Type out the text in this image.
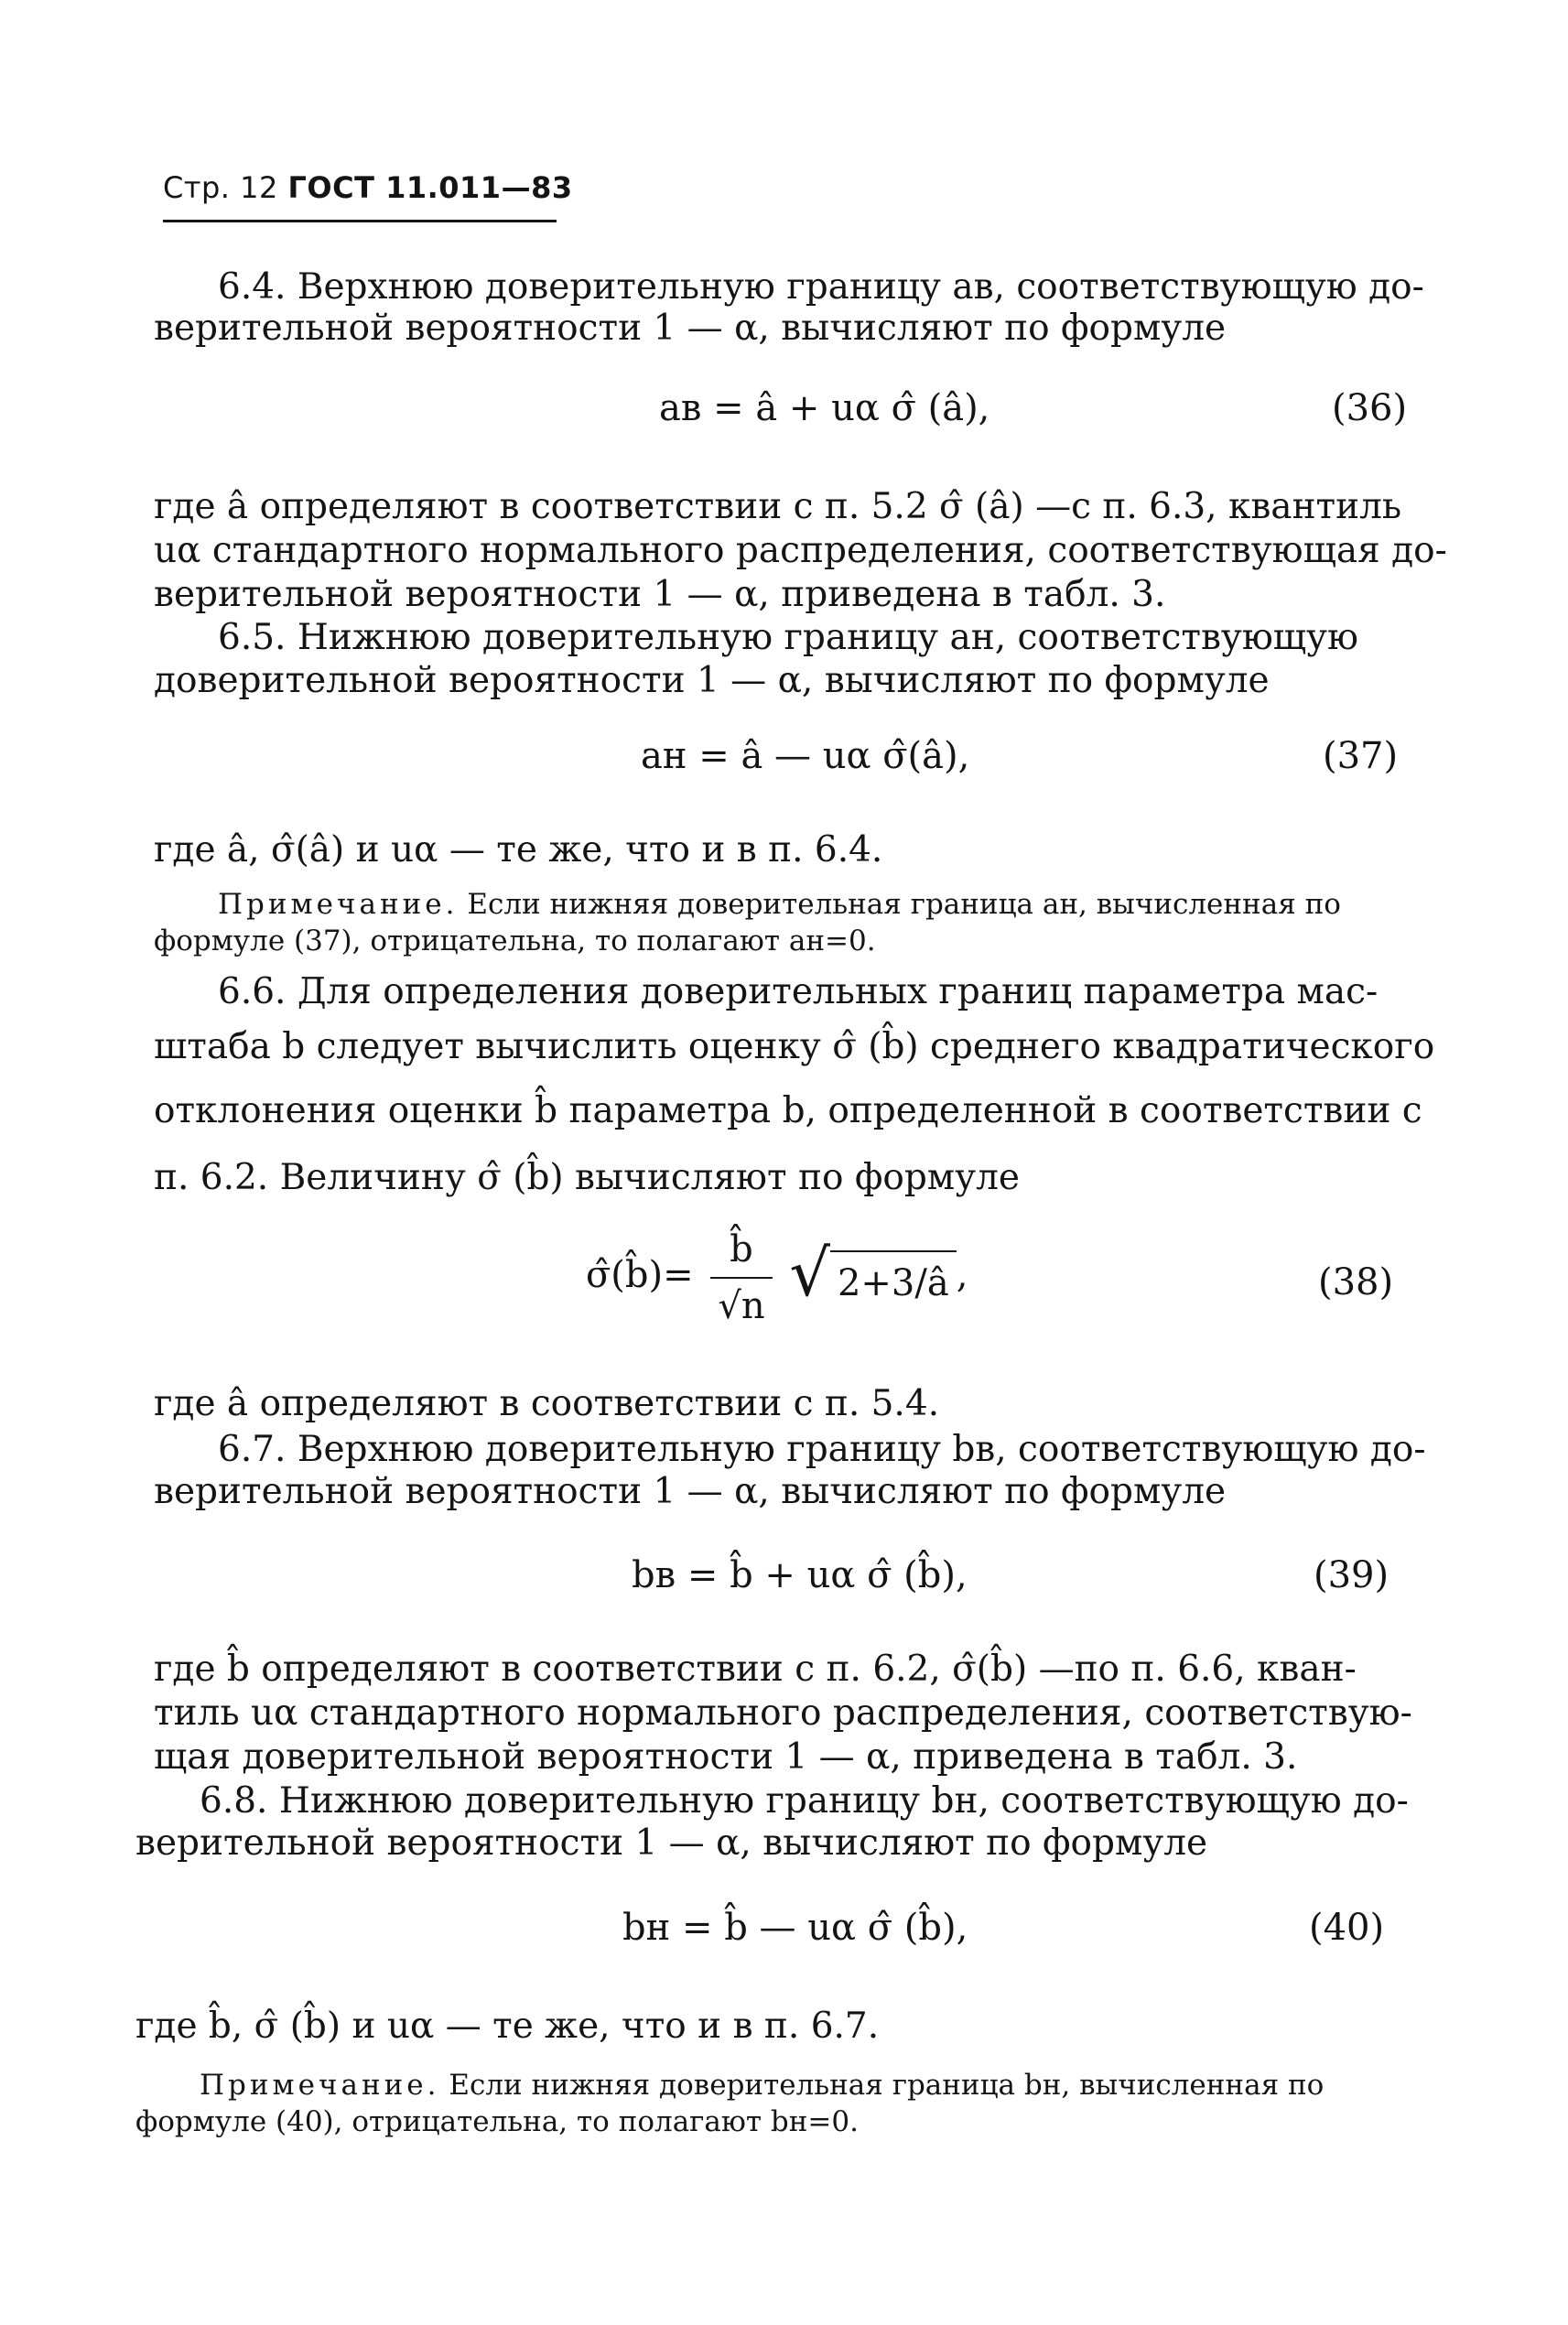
Стр. 12 ГОСТ 11.011—83
6.4. Верхнюю доверительную границу aв, соответствующую до-
верительной вероятности 1 — α, вычисляют по формуле
aв = â + uα σ̂ (â),	(36)
где â определяют в соответствии с п. 5.2 σ̂ (â) —с п. 6.3, квантиль
uα стандартного нормального распределения, соответствующая до-
верительной вероятности 1 — α, приведена в табл. 3.
6.5. Нижнюю доверительную границу aн, соответствующую
доверительной вероятности 1 — α, вычисляют по формуле
aн = â — uα σ̂(â),	(37)
где â, σ̂(â) и uα — те же, что и в п. 6.4.
Примечание. Если нижняя доверительная граница aн, вычисленная по
формуле (37), отрицательна, то полагают aн=0.
6.6. Для определения доверительных границ параметра мас-
штаба b следует вычислить оценку σ̂ (b̂) среднего квадратического
отклонения оценки b̂ параметра b, определенной в соответствии с
п. 6.2. Величину σ̂ (b̂) вычисляют по формуле
σ̂(b̂)= $\frac{b̂}{√n}$ √ 2+3/â ,	(38)
где â определяют в соответствии с п. 5.4.
6.7. Верхнюю доверительную границу bв, соответствующую до-
верительной вероятности 1 — α, вычисляют по формуле
bв = b̂ + uα σ̂ (b̂),	(39)
где b̂ определяют в соответствии с п. 6.2, σ̂(b̂) —по п. 6.6, кван-
тиль uα стандартного нормального распределения, соответствую-
щая доверительной вероятности 1 — α, приведена в табл. 3.
6.8. Нижнюю доверительную границу bн, соответствующую до-
верительной вероятности 1 — α, вычисляют по формуле
bн = b̂ — uα σ̂ (b̂),	(40)
где b̂, σ̂ (b̂) и uα — те же, что и в п. 6.7.
Примечание. Если нижняя доверительная граница bн, вычисленная по
формуле (40), отрицательна, то полагают bн=0.
